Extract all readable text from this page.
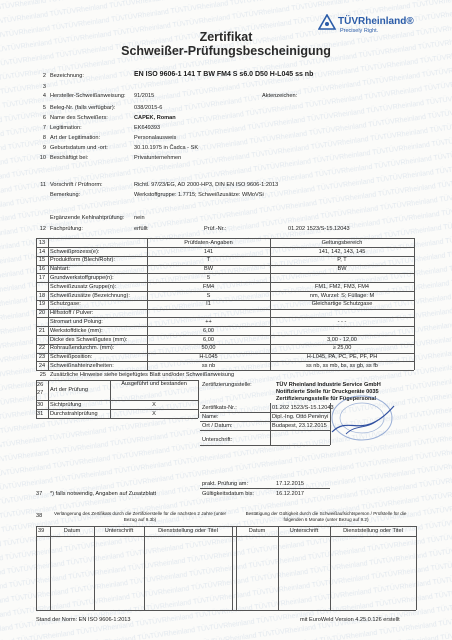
TÜVRheinland®
Precisely Right.
Zertifikat
Schweißer-Prüfungsbescheinigung
2 Bezeichnung:	EN ISO 9606-1 141 T BW FM4 S s6.0 D50 H-L045 ss nb
3
4 Hersteller-Schweißanweisung: 91/2015	Aktenzeichen:
5 Beleg-Nr. (falls verfügbar):	038/2015-6
6 Name des Schweißers:	CAPEK, Roman
7 Legitimation:	EK649393
8 Art der Legitimation:	Personalausweis
9 Geburtsdatum und -ort:	30.10.1975 in Čadca - SK
10 Beschäftigt bei:	Privatunternehmen
11 Vorschrift / Prüfnorm:	Richtl. 97/23/EG, AD 2000-HP3, DIN EN ISO 9606-1:2013
Bemerkung:	Werkstoffgruppe: 1.7715; Schweißzusätze: WMoVSi
Ergänzende Kehlnahtprüfung: nein
12 Fachprüfung:	erfüllt	Prüf.-Nr.:	01.202 1523/S-15.12043
13	Prüfdaten-Angaben	Geltungsbereich
14 Schweißprozess(e):	141	141, 142, 143, 145
15 Produktform (Blech/Rohr):	T	P, T
16 Nahtart:	BW	BW
17 Grundwerkstoffgruppe(n):	5
Schweißzusatz Gruppe(n):	FM4	FM1, FM2, FM3, FM4
18 Schweißzusätze (Bezeichnung):	S	nm, Wurzel: S; Füllage: M
19 Schutzgase:	I1	Gleichartige Schutzgase
20 Hilfsstoff / Pulver:
Stromart und Polung:	++	- - -
21 Werkstoffdicke (mm):	6,00
Dicke des Schweißgutes (mm):	6,00	3,00 - 12,00
22 Rohraußendurchm. (mm):	50,00	≥ 25,00
23 Schweißposition:	H-L045	H-L045, PA, PC, PE, PF, PH
24 Schweißnahteinzelheiten:	ss nb	ss nb, ss mb, bs, ss gb, ss fb
25 Zusätzliche Hinweise siehe beigefügtes Blatt und/oder Schweißanweisung
26
27 Art der Prüfung
Ausgeführt und bestanden
30 Sichtprüfung	X
31 Durchstrahlprüfung	X
Zertifizierungsstelle:	TÜV Rheinland Industrie Service GmbH
Notifizierte Stelle für Druckgeräte 0035
Zertifizierungsstelle für Fügepersonal
Zertifikats-Nr.:	01.202 1523/S-15.12043
Name:	Dipl.-Ing. Ottó Penényi
Ort / Datum:	Budapest, 23.12.2015
Unterschrift:
prakt. Prüfung am:	17.12.2015
Gültigkeitsdatum bis:	16.12.2017
37 *) falls notwendig, Angaben auf Zusatzblatt
38	Verlängerung des Zertifikats durch die Zertifizierstelle für die nächsten 2 Jahre (unter Bezug auf 9.3b)
Bestätigung der Gültigkeit durch die Schweißaufsichtsperson / Prüfstelle für die folgenden 6 Monate (unter Bezug auf 9.2)
39	Datum	Unterschrift	Dienststellung oder Titel	Datum	Unterschrift	Dienststellung oder Titel
Stand der Norm: EN ISO 9606-1:2013	mit EuroWeld Version 4.25.0.126 erstellt
